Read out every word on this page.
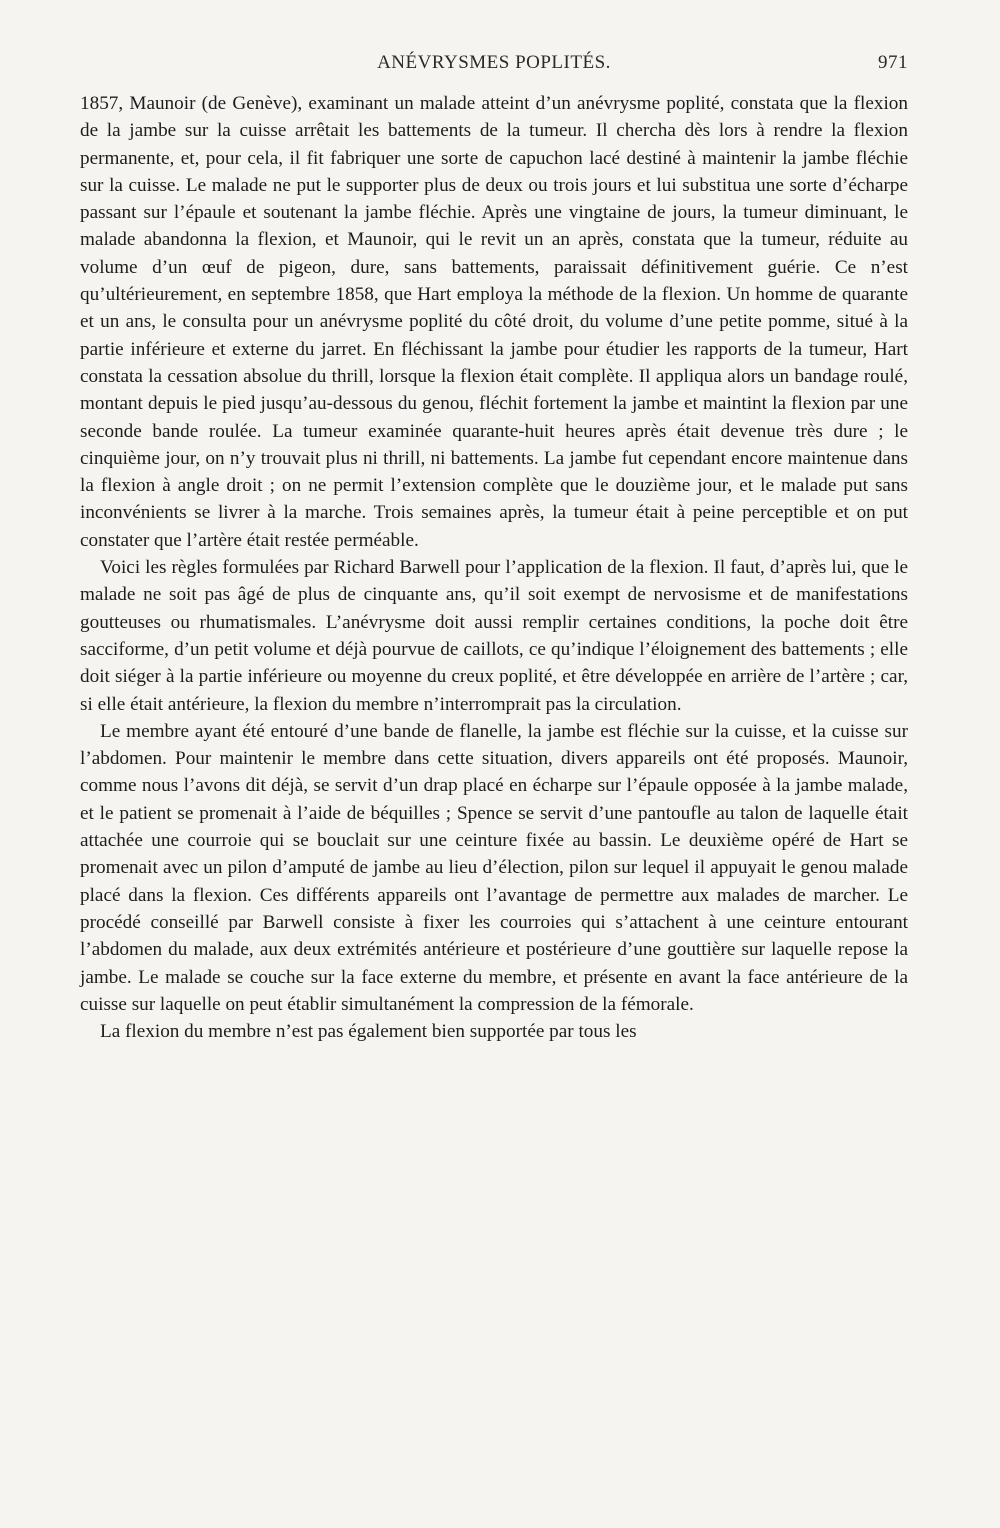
ANÉVRYSMES POPLITÉS.	971

1857, Maunoir (de Genève), examinant un malade atteint d’un anévrysme poplité, constata que la flexion de la jambe sur la cuisse arrêtait les battements de la tumeur. Il chercha dès lors à rendre la flexion permanente, et, pour cela, il fit fabriquer une sorte de capuchon lacé destiné à maintenir la jambe fléchie sur la cuisse. Le malade ne put le supporter plus de deux ou trois jours et lui substitua une sorte d’écharpe passant sur l’épaule et soutenant la jambe fléchie. Après une vingtaine de jours, la tumeur diminuant, le malade abandonna la flexion, et Maunoir, qui le revit un an après, constata que la tumeur, réduite au volume d’un œuf de pigeon, dure, sans battements, paraissait définitivement guérie. Ce n’est qu’ultérieurement, en septembre 1858, que Hart employa la méthode de la flexion. Un homme de quarante et un ans, le consulta pour un anévrysme poplité du côté droit, du volume d’une petite pomme, situé à la partie inférieure et externe du jarret. En fléchissant la jambe pour étudier les rapports de la tumeur, Hart constata la cessation absolue du thrill, lorsque la flexion était complète. Il appliqua alors un bandage roulé, montant depuis le pied jusqu’au-dessous du genou, fléchit fortement la jambe et maintint la flexion par une seconde bande roulée. La tumeur examinée quarante-huit heures après était devenue très dure ; le cinquième jour, on n’y trouvait plus ni thrill, ni battements. La jambe fut cependant encore maintenue dans la flexion à angle droit ; on ne permit l’extension complète que le douzième jour, et le malade put sans inconvénients se livrer à la marche. Trois semaines après, la tumeur était à peine perceptible et on put constater que l’artère était restée perméable.

Voici les règles formulées par Richard Barwell pour l’application de la flexion. Il faut, d’après lui, que le malade ne soit pas âgé de plus de cinquante ans, qu’il soit exempt de nervosisme et de manifestations goutteuses ou rhumatismales. L’anévrysme doit aussi remplir certaines conditions, la poche doit être sacciforme, d’un petit volume et déjà pourvue de caillots, ce qu’indique l’éloignement des battements ; elle doit siéger à la partie inférieure ou moyenne du creux poplité, et être développée en arrière de l’artère ; car, si elle était antérieure, la flexion du membre n’interromprait pas la circulation.

Le membre ayant été entouré d’une bande de flanelle, la jambe est fléchie sur la cuisse, et la cuisse sur l’abdomen. Pour maintenir le membre dans cette situation, divers appareils ont été proposés. Maunoir, comme nous l’avons dit déjà, se servit d’un drap placé en écharpe sur l’épaule opposée à la jambe malade, et le patient se promenait à l’aide de béquilles ; Spence se servit d’une pantoufle au talon de laquelle était attachée une courroie qui se bouclait sur une ceinture fixée au bassin. Le deuxième opéré de Hart se promenait avec un pilon d’amputé de jambe au lieu d’élection, pilon sur lequel il appuyait le genou malade placé dans la flexion. Ces différents appareils ont l’avantage de permettre aux malades de marcher. Le procédé conseillé par Barwell consiste à fixer les courroies qui s’attachent à une ceinture entourant l’abdomen du malade, aux deux extrémités antérieure et postérieure d’une gouttière sur laquelle repose la jambe. Le malade se couche sur la face externe du membre, et présente en avant la face antérieure de la cuisse sur laquelle on peut établir simultanément la compression de la fémorale.

La flexion du membre n’est pas également bien supportée par tous les
